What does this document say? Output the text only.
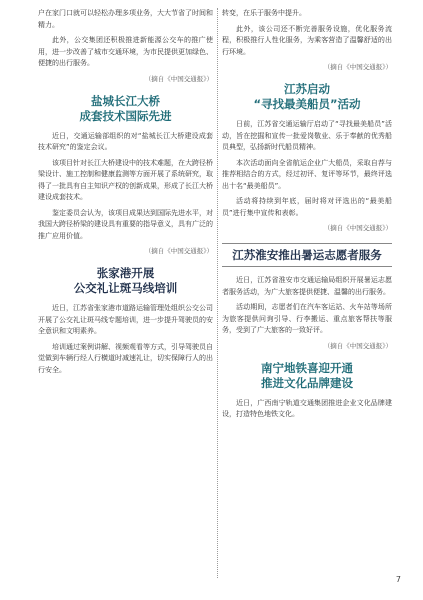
户在家门口就可以轻松办理多项业务，大大节省了时间和精力。

此外，公交集团还积极推进新能源公交车的推广使用，进一步改善了城市交通环境，为市民提供更加绿色、便捷的出行服务。

（摘自《中国交通报》）
盐城长江大桥
成套技术国际先进

近日，交通运输部组织的对“盐城长江大桥建设成套技术研究”的鉴定会议。

该项目针对长江大桥建设中的技术难题，在大跨径桥梁设计、施工控制和健康监测等方面开展了系统研究，取得了一批具有自主知识产权的创新成果，形成了长江大桥建设成套技术。

鉴定委员会认为，该项目成果达到国际先进水平，对我国大跨径桥梁的建设具有重要的指导意义，具有广泛的推广应用价值。

（摘自《中国交通报》）
张家港开展
公交礼让斑马线培训

近日，江苏省张家港市道路运输管理处组织公交公司开展了公交礼让斑马线专题培训，进一步提升驾驶员的安全意识和文明素养。

培训通过案例讲解、视频观看等方式，引导驾驶员自觉做到车辆行经人行横道时减速礼让，切实保障行人的出行安全。

转变，在乐于服务中提升。

此外，该公司还不断完善服务设施，优化服务流程，积极推行人性化服务，为乘客营造了温馨舒适的出行环境。

（摘自《中国交通报》）
江苏启动
“寻找最美船员”活动

日前，江苏省交通运输厅启动了“寻找最美船员”活动，旨在挖掘和宣传一批爱岗敬业、乐于奉献的优秀船员典型，弘扬新时代船员精神。

本次活动面向全省航运企业广大船员，采取自荐与推荐相结合的方式，经过初评、复评等环节，最终评选出十名“最美船员”。

活动将持续到年底，届时将对评选出的“最美船员”进行集中宣传和表彰。

（摘自《中国交通报》）
江苏淮安推出暑运志愿者服务

近日，江苏省淮安市交通运输局组织开展暑运志愿者服务活动，为广大旅客提供便捷、温馨的出行服务。

活动期间，志愿者们在汽车客运站、火车站等场所为旅客提供问询引导、行李搬运、重点旅客帮扶等服务，受到了广大旅客的一致好评。

（摘自《中国交通报》）
南宁地铁喜迎开通
推进文化品牌建设

近日，广西南宁轨道交通集团推进企业文化品牌建设，打造特色地铁文化。

7
